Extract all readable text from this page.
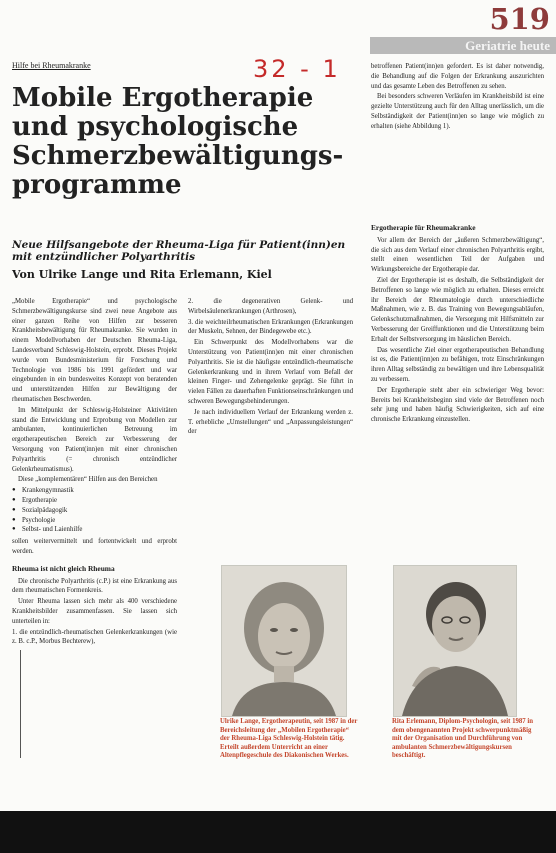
519
Geriatrie heute
Hilfe bei Rheumakranke	32 - 1
Mobile Ergotherapie und psychologische Schmerzbewältigungs-programme
Neue Hilfsangebote der Rheuma-Liga für Patient(inn)en mit entzündlicher Polyarthritis
Von Ulrike Lange und Rita Erlemann, Kiel

„Mobile Ergotherapie“ und psychologische Schmerzbewältigungskurse sind zwei neue Angebote aus einer ganzen Reihe von Hilfen zur besseren Krankheitsbewältigung für Rheumakranke. Sie wurden in einem Modellvorhaben der Deutschen Rheuma-Liga, Landesverband Schleswig-Holstein, erprobt. Dieses Projekt wurde vom Bundesministerium für Forschung und Technologie von 1986 bis 1991 gefördert und war eingebunden in ein bundesweites Konzept von beratenden und unterstützenden Hilfen zur Bewältigung der rheumatischen Beschwerden.

Im Mittelpunkt der Schleswig-Holsteiner Aktivitäten stand die Entwicklung und Erprobung von Modellen zur ambulanten, kontinuierlichen Betreuung im ergotherapeutischen Bereich zur Verbesserung der Versorgung von Patient(inn)en mit einer chronischen Polyarthritis (= chronisch entzündlicher Gelenkrheumatismus).

Diese „komplementären“ Hilfen aus den Bereichen

● Krankengymnastik
● Ergotherapie
● Sozialpädagogik
● Psychologie
● Selbst- und Laienhilfe

sollen weitervermittelt und fortentwickelt und erprobt werden.

Rheuma ist nicht gleich Rheuma

Die chronische Polyarthritis (c.P.) ist eine Erkrankung aus dem rheumatischen Formenkreis.

Unter Rheuma lassen sich mehr als 400 verschiedene Krankheitsbilder zusammenfassen. Sie lassen sich unterteilen in:

1. die entzündlich-rheumatischen Gelenkerkrankungen (wie z. B. c.P., Morbus Bechterew),

2. die degenerativen Gelenk- und Wirbelsäulenerkrankungen (Arthrosen),

3. die weichteilrheumatischen Erkrankungen (Erkrankungen der Muskeln, Sehnen, der Bindegewebe etc.).

Ein Schwerpunkt des Modellvorhabens war die Unterstützung von Patient(inn)en mit einer chronischen Polyarthritis. Sie ist die häufigste entzündlich-rheumatische Gelenkerkrankung und in ihrem Verlauf vom Befall der kleinen Finger- und Zehengelenke geprägt. Sie führt in vielen Fällen zu dauerhaften Funktionseinschränkungen und schweren Bewegungsbehinderungen.

Je nach individuellem Verlauf der Erkrankung werden z. T. erhebliche „Umstellungen“ und „Anpassungsleistungen“ der

betroffenen Patient(inn)en gefordert. Es ist daher notwendig, die Behandlung auf die Folgen der Erkrankung auszurichten und das gesamte Leben des Betroffenen zu sehen.

Bei besonders schweren Verläufen im Krankheitsbild ist eine gezielte Unterstützung auch für den Alltag unerlässlich, um die Selbständigkeit der Patient(inn)en so lange wie möglich zu erhalten (siehe Abbildung 1).

Ergotherapie für Rheumakranke

Vor allem der Bereich der „äußeren Schmerzbewältigung“, die sich aus dem Verlauf einer chronischen Polyarthritis ergibt, stellt einen wesentlichen Teil der Aufgaben und Wirkungsbereiche der Ergotherapie dar.

Ziel der Ergotherapie ist es deshalb, die Selbständigkeit der Betroffenen so lange wie möglich zu erhalten. Dieses erreicht ihr Bereich der Rheumatologie durch unterschiedliche Maßnahmen, wie z. B. das Training von Bewegungsabläufen, Gelenkschutzmaßnahmen, die Versorgung mit Hilfsmitteln zur Verbesserung der Greiffunktionen und die Unterstützung beim Erhalt der Selbstversorgung im häuslichen Bereich.

Das wesentliche Ziel einer ergotherapeutischen Behandlung ist es, die Patient(inn)en zu befähigen, trotz Einschränkungen ihren Alltag selbständig zu bewältigen und ihre Lebensqualität zu verbessern.

Der Ergotherapie steht aber ein schwieriger Weg bevor: Bereits bei Krankheitsbeginn sind viele der Betroffenen noch sehr jung und haben häufig Schwierigkeiten, sich auf eine chronische Erkrankung einzustellen.

Ulrike Lange, Ergotherapeutin, seit 1987 in der Bereichsleitung der „Mobilen Ergotherapie“ der Rheuma-Liga Schleswig-Holstein tätig. Erteilt außerdem Unterricht an einer Altenpflegeschule des Diakonischen Werkes.
Rita Erlemann, Diplom-Psychologin, seit 1987 in dem obengenannten Projekt schwerpunktmäßig mit der Organisation und Durchführung von ambulanten Schmerzbewältigungskursen beschäftigt.
